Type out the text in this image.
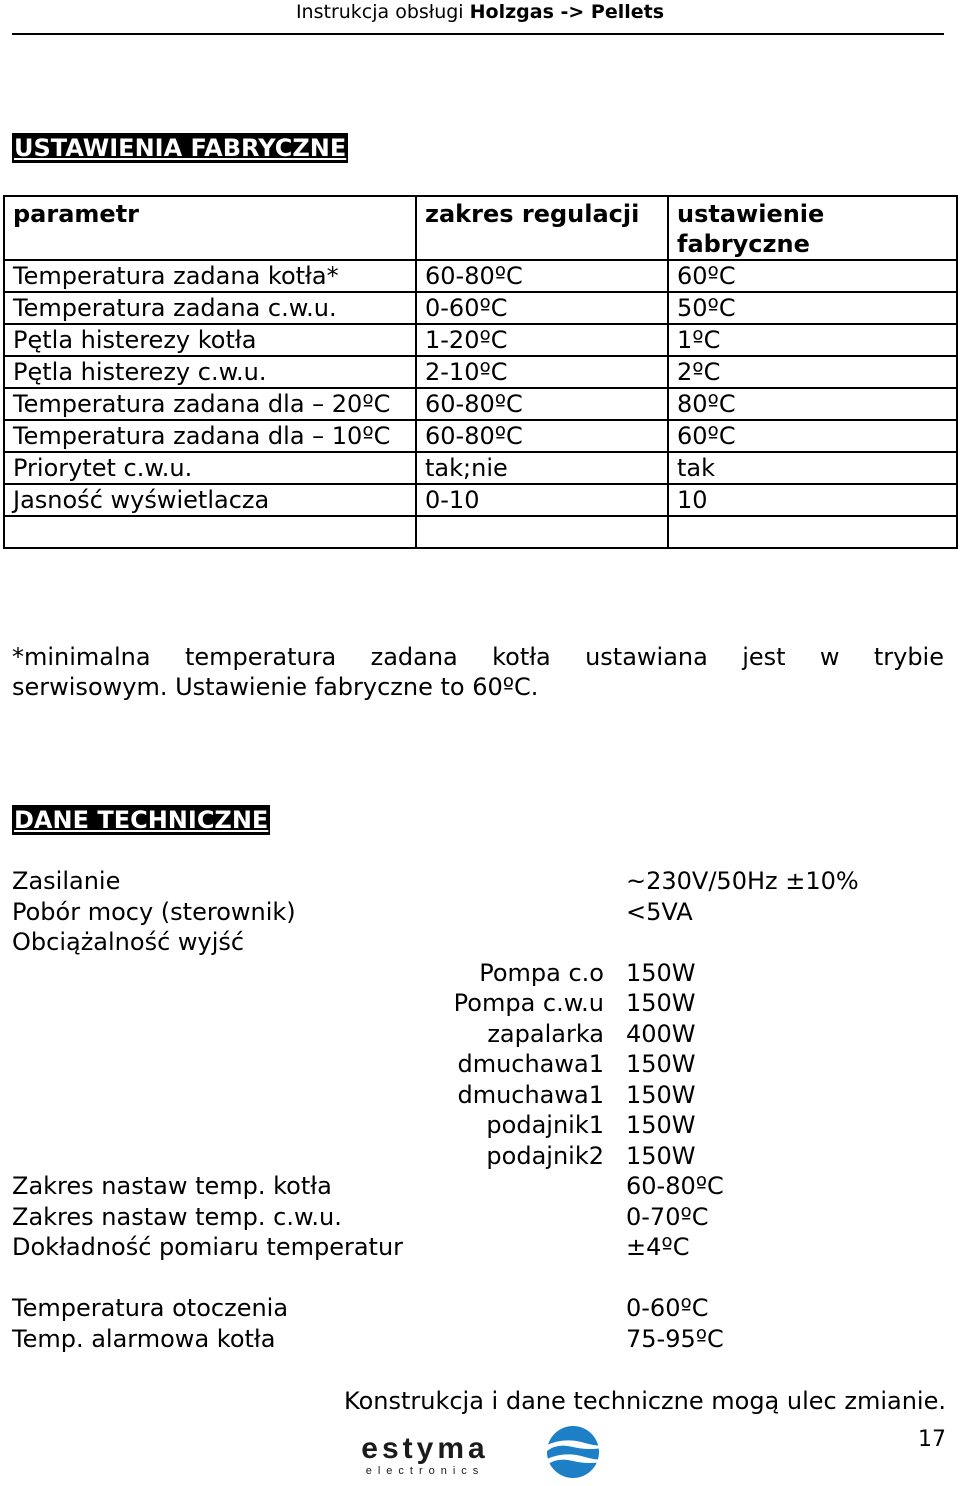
Instrukcja obsługi Holzgas -> Pellets
USTAWIENIA FABRYCZNE
parametr	zakres regulacji	ustawienie fabryczne
Temperatura zadana kotła*	60-80ºC	60ºC
Temperatura zadana c.w.u.	0-60ºC	50ºC
Pętla histerezy kotła	1-20ºC	1ºC
Pętla histerezy c.w.u.	2-10ºC	2ºC
Temperatura zadana dla – 20ºC	60-80ºC	80ºC
Temperatura zadana dla – 10ºC	60-80ºC	60ºC
Priorytet c.w.u.	tak;nie	tak
Jasność wyświetlacza	0-10	10

*minimalna temperatura zadana kotła ustawiana jest w trybie
serwisowym. Ustawienie fabryczne to 60ºC.
DANE TECHNICZNE
Zasilanie	~230V/50Hz ±10%
Pobór mocy (sterownik)	<5VA
Obciążalność wyjść
Pompa c.o 150W
Pompa c.w.u 150W
zapalarka 400W
dmuchawa1 150W
dmuchawa1 150W
podajnik1 150W
podajnik2 150W
Zakres nastaw temp. kotła	60-80ºC
Zakres nastaw temp. c.w.u.	0-70ºC
Dokładność pomiaru temperatur	±4ºC
Temperatura otoczenia	0-60ºC
Temp. alarmowa kotła	75-95ºC
Konstrukcja i dane techniczne mogą ulec zmianie.
estyma
electronics
17
